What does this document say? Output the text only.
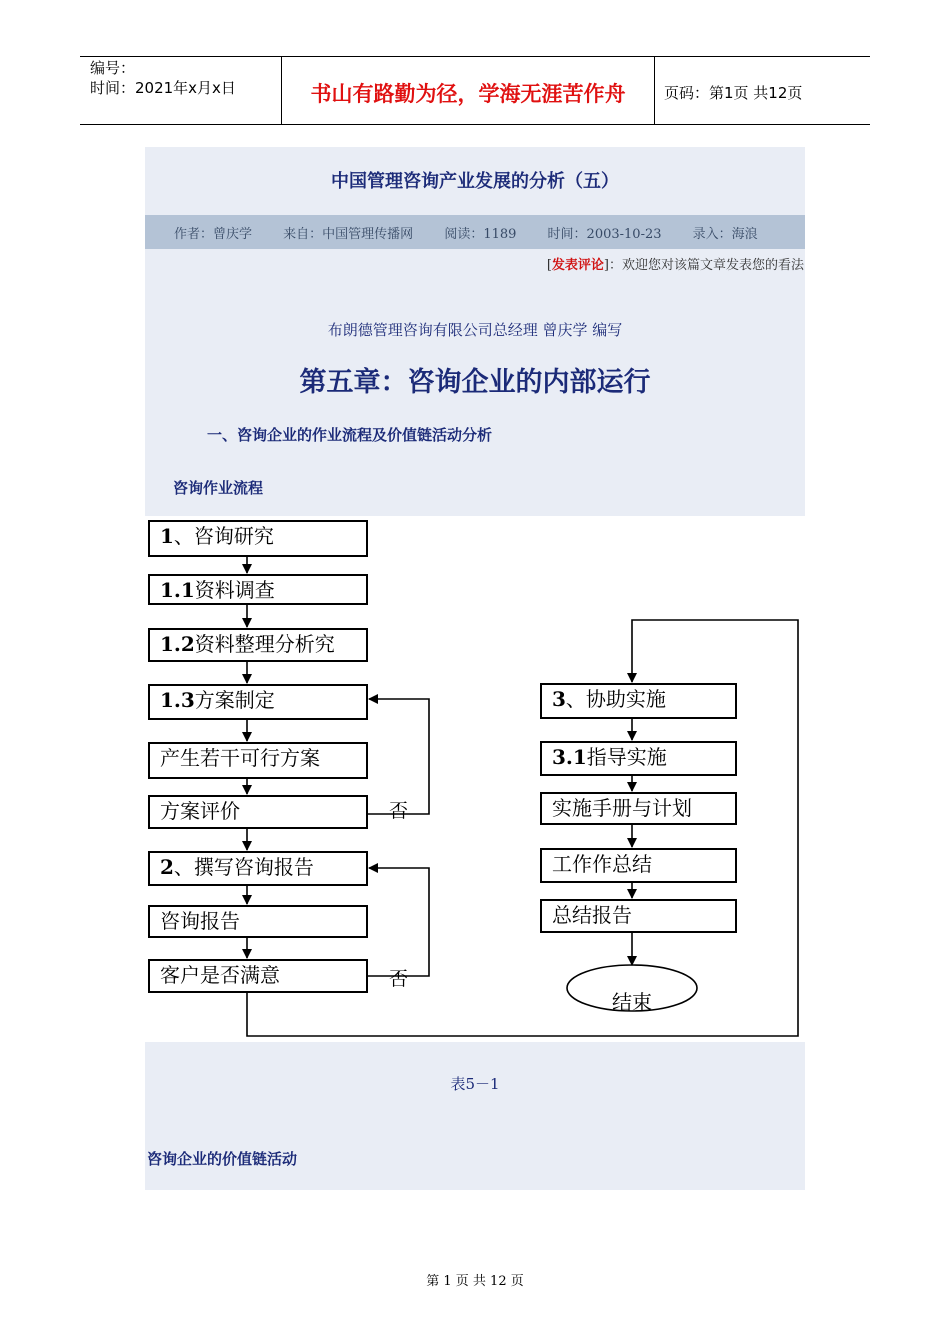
编号：
时间：2021年x月x日	书山有路勤为径，学海无涯苦作舟	页码：第1页 共12页
中国管理咨询产业发展的分析（五）
作者：曾庆学 来自：中国管理传播网 阅读：1189 时间：2003-10-23 录入：海浪
[发表评论]：欢迎您对该篇文章发表您的看法
布朗德管理咨询有限公司总经理 曾庆学 编写
第五章：咨询企业的内部运行
一、咨询企业的作业流程及价值链活动分析
咨询作业流程
1、咨询研究
1.1资料调查
1.2资料整理分析究
1.3方案制定
产生若干可行方案
方案评价
2、撰写咨询报告
咨询报告
客户是否满意
否
否
3、协助实施
3.1指导实施
实施手册与计划
工作作总结
总结报告
结束
表5－1
咨询企业的价值链活动
第 1 页 共 12 页
